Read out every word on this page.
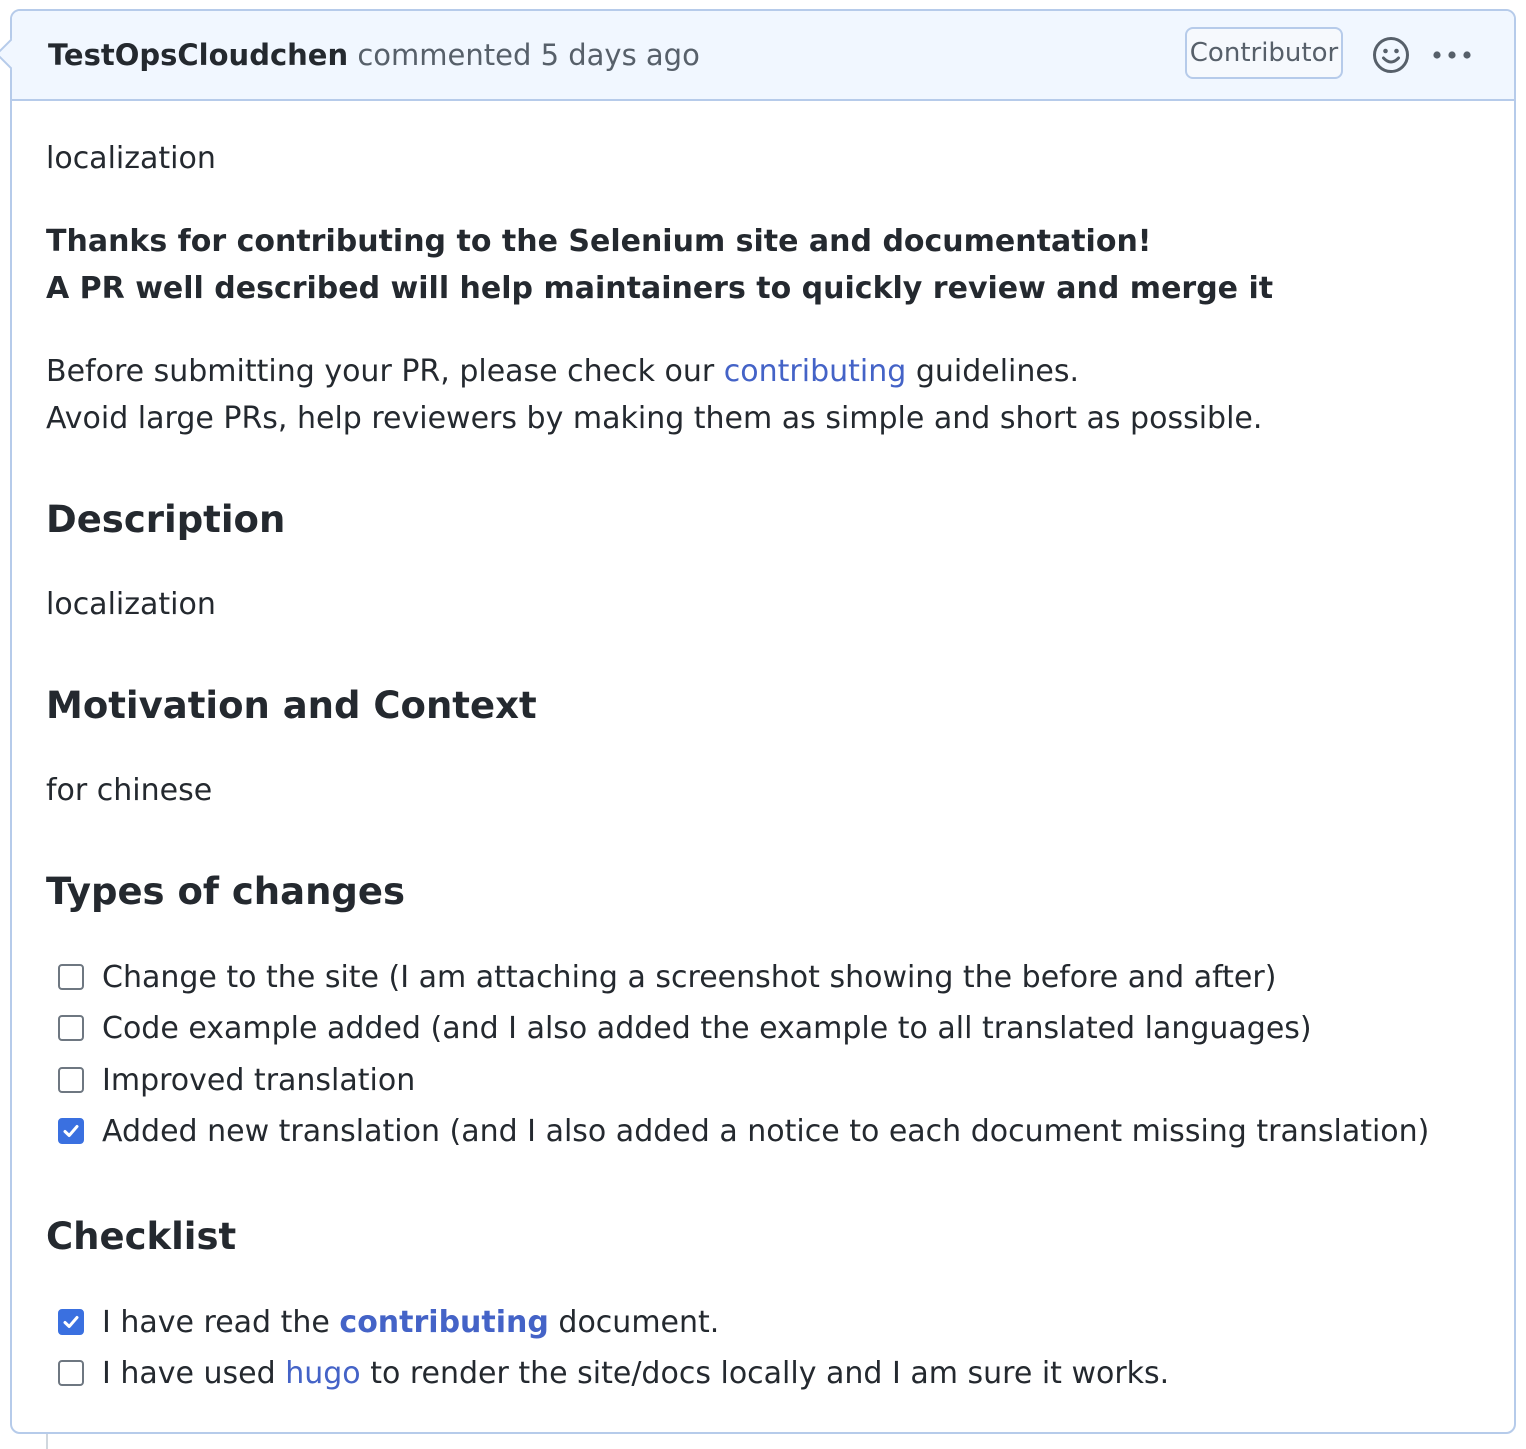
TestOpsCloudchen commented 5 days ago	Contributor
localization
Thanks for contributing to the Selenium site and documentation!
A PR well described will help maintainers to quickly review and merge it
Before submitting your PR, please check our contributing guidelines.
Avoid large PRs, help reviewers by making them as simple and short as possible.
Description
localization
Motivation and Context
for chinese
Types of changes
Change to the site (I am attaching a screenshot showing the before and after)
Code example added (and I also added the example to all translated languages)
Improved translation
Added new translation (and I also added a notice to each document missing translation)
Checklist
I have read the contributing document.
I have used hugo to render the site/docs locally and I am sure it works.
